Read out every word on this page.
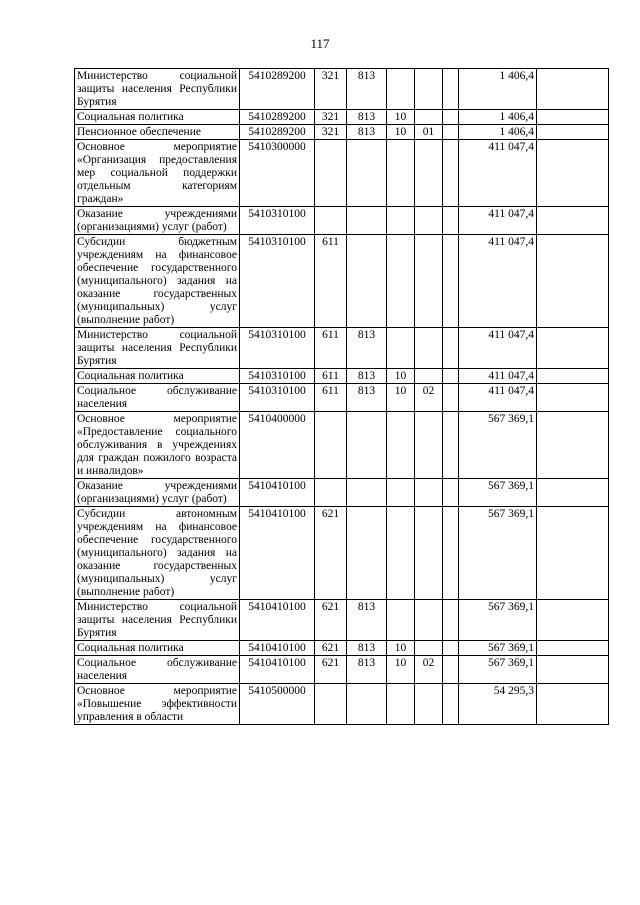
117
Министерство социальной защиты населения Республики Бурятия	5410289200	321	813				1 406,4	
Социальная политика	5410289200	321	813	10			1 406,4	
Пенсионное обеспечение	5410289200	321	813	10	01		1 406,4	
Основное мероприятие «Организация предоставления мер социальной поддержки отдельным категориям граждан»	5410300000						411 047,4	
Оказание учреждениями (организациями) услуг (работ)	5410310100						411 047,4	
Субсидии бюджетным учреждениям на финансовое обеспечение государственного (муниципального) задания на оказание государственных (муниципальных) услуг (выполнение работ)	5410310100	611					411 047,4	
Министерство социальной защиты населения Республики Бурятия	5410310100	611	813				411 047,4	
Социальная политика	5410310100	611	813	10			411 047,4	
Социальное обслуживание населения	5410310100	611	813	10	02		411 047,4	
Основное мероприятие «Предоставление социального обслуживания в учреждениях для граждан пожилого возраста и инвалидов»	5410400000						567 369,1	
Оказание учреждениями (организациями) услуг (работ)	5410410100						567 369,1	
Субсидии автономным учреждениям на финансовое обеспечение государственного (муниципального) задания на оказание государственных (муниципальных) услуг (выполнение работ)	5410410100	621					567 369,1	
Министерство социальной защиты населения Республики Бурятия	5410410100	621	813				567 369,1	
Социальная политика	5410410100	621	813	10			567 369,1	
Социальное обслуживание населения	5410410100	621	813	10	02		567 369,1	
Основное мероприятие «Повышение эффективности управления в области	5410500000						54 295,3	
